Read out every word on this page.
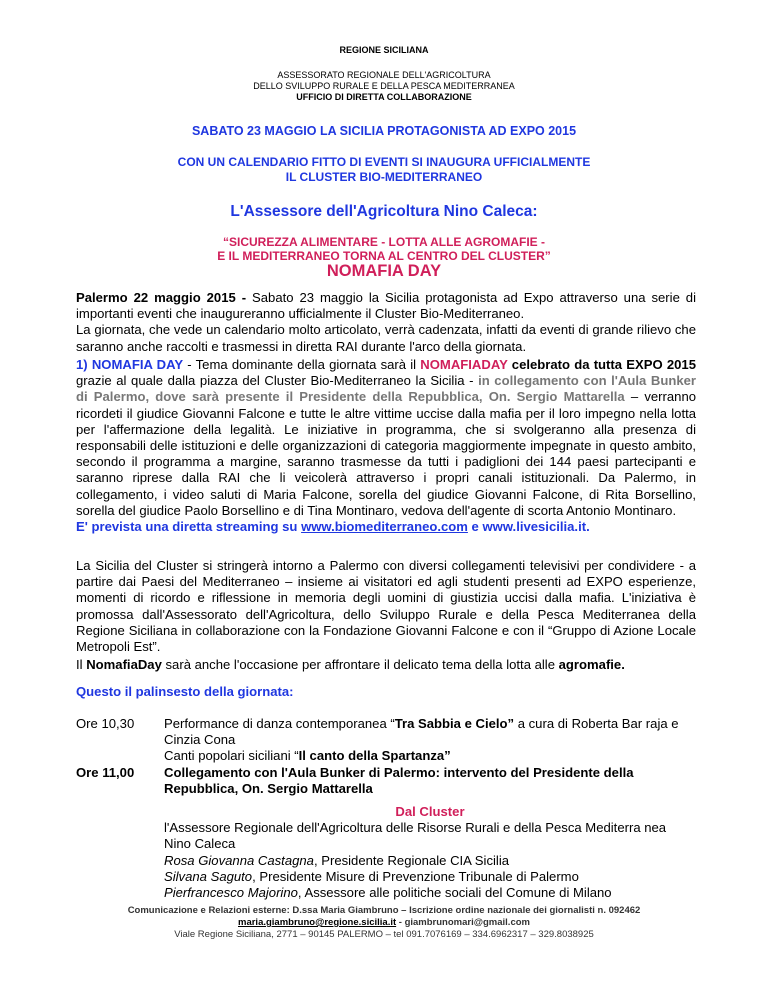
REGIONE SICILIANA
ASSESSORATO REGIONALE DELL'AGRICOLTURA
DELLO SVILUPPO RURALE E DELLA PESCA MEDITERRANEA
UFFICIO DI DIRETTA COLLABORAZIONE
SABATO 23 MAGGIO LA SICILIA PROTAGONISTA AD EXPO 2015
CON UN CALENDARIO FITTO DI EVENTI SI INAUGURA UFFICIALMENTE
IL CLUSTER BIO-MEDITERRANEO
L'Assessore dell'Agricoltura Nino Caleca:
“SICUREZZA ALIMENTARE - LOTTA ALLE AGROMAFIE -
E IL MEDITERRANEO TORNA AL CENTRO DEL CLUSTER”
NOMAFIA DAY
Palermo 22 maggio 2015 - Sabato 23 maggio la Sicilia protagonista ad Expo attraverso una serie di importanti eventi che inaugureranno ufficialmente il Cluster Bio-Mediterraneo.
La giornata, che vede un calendario molto articolato, verrà cadenzata, infatti da eventi di grande rilievo che saranno anche raccolti e trasmessi in diretta RAI durante l'arco della giornata.
1) NOMAFIA DAY - Tema dominante della giornata sarà il NOMAFIADAY celebrato da tutta EXPO 2015 grazie al quale dalla piazza del Cluster Bio-Mediterraneo la Sicilia - in collegamento con l'Aula Bunker di Palermo, dove sarà presente il Presidente della Repubblica, On. Sergio Mattarella – verranno ricordeti il giudice Giovanni Falcone e tutte le altre vittime uccise dalla mafia per il loro impegno nella lotta per l'affermazione della legalità. Le iniziative in programma, che si svolgeranno alla presenza di responsabili delle istituzioni e delle organizzazioni di categoria maggiormente impegnate in questo ambito, secondo il programma a margine, saranno trasmesse da tutti i padiglioni dei 144 paesi partecipanti e saranno riprese dalla RAI che li veicolerà attraverso i propri canali istituzionali. Da Palermo, in collegamento, i video saluti di Maria Falcone, sorella del giudice Giovanni Falcone, di Rita Borsellino, sorella del giudice Paolo Borsellino e di Tina Montinaro, vedova dell'agente di scorta Antonio Montinaro.
E' prevista una diretta streaming su www.biomediterraneo.com e www.livesicilia.it.
La Sicilia del Cluster si stringerà intorno a Palermo con diversi collegamenti televisivi per condividere - a partire dai Paesi del Mediterraneo – insieme ai visitatori ed agli studenti presenti ad EXPO esperienze, momenti di ricordo e riflessione in memoria degli uomini di giustizia uccisi dalla mafia. L'iniziativa è promossa dall'Assessorato dell'Agricoltura, dello Sviluppo Rurale e della Pesca Mediterranea della Regione Siciliana in collaborazione con la Fondazione Giovanni Falcone e con il “Gruppo di Azione Locale Metropoli Est”.
Il NomafiaDay sarà anche l'occasione per affrontare il delicato tema della lotta alle agromafie.
Questo il palinsesto della giornata:
Ore 10,30	Performance di danza contemporanea “Tra Sabbia e Cielo” a cura di Roberta Bar raja e Cinzia Cona
Canti popolari siciliani “Il canto della Spartanza”
Ore 11,00	Collegamento con l'Aula Bunker di Palermo: intervento del Presidente della Repubblica, On. Sergio Mattarella
Dal Cluster
l'Assessore Regionale dell'Agricoltura delle Risorse Rurali e della Pesca Mediterra nea Nino Caleca
Rosa Giovanna Castagna, Presidente Regionale CIA Sicilia
Silvana Saguto, Presidente Misure di Prevenzione Tribunale di Palermo
Pierfrancesco Majorino, Assessore alle politiche sociali del Comune di Milano
Comunicazione e Relazioni esterne: D.ssa Maria Giambruno – Iscrizione ordine nazionale dei giornalisti n. 092462
maria.giambruno@regione.sicilia.it - giambrunomari@gmail.com
Viale Regione Siciliana, 2771 – 90145 PALERMO – tel 091.7076169 – 334.6962317 – 329.8038925
